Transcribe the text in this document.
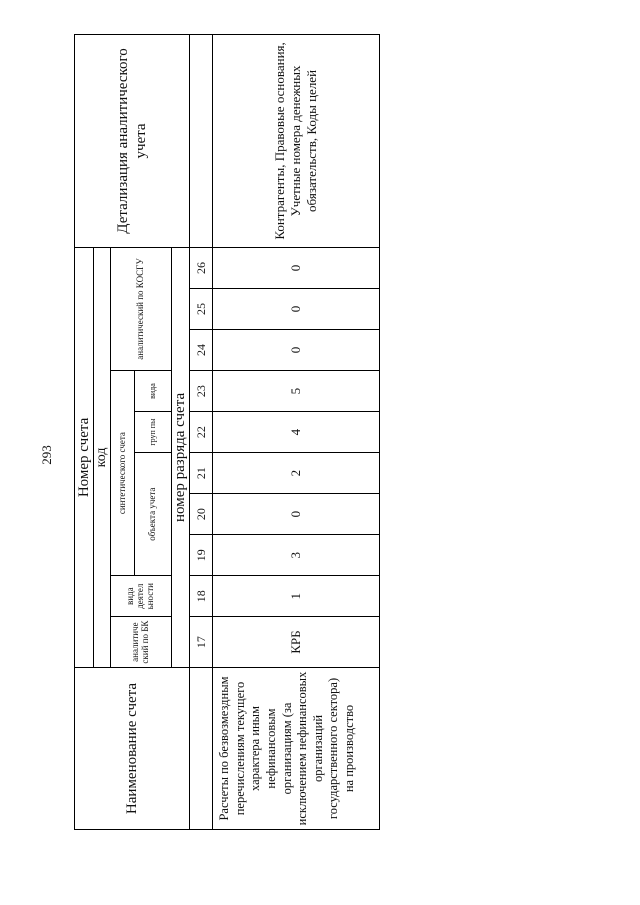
293
Наименование счета	Номер счета										Детализация аналитического учета
	код										
	аналитиче ский по БК	вида деятел ьности	синтетического счета					аналитический по КОСГУ			
			объекта учета			груп пы	вида				
	номер разряда счета										
	17	18	19	20	21	22	23	24	25	26	
Расчеты по безвозмездным перечислениям текущего характера иным нефинансовым организациям (за исключением нефинансовых организаций государственного сектора) на производство	КРБ	1	3	0	2	4	5	0	0	0	Контрагенты, Правовые основания, Учетные номера денежных обязательств, Коды целей
